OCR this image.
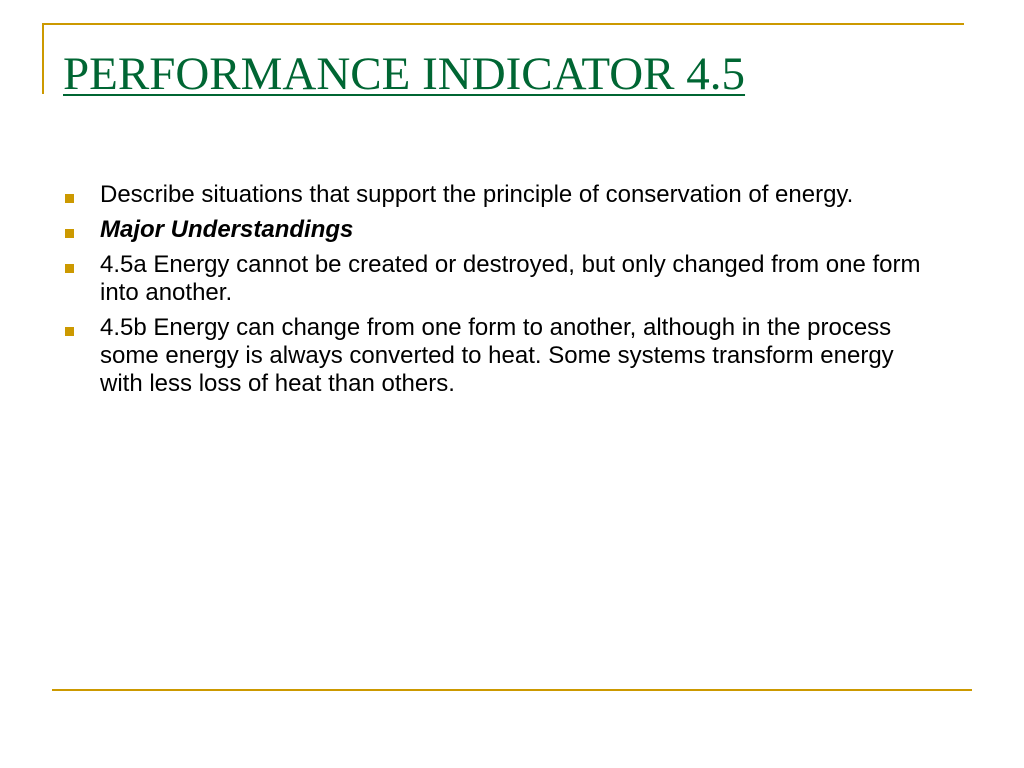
PERFORMANCE INDICATOR 4.5
Describe situations that support the principle of conservation of energy.
Major Understandings
4.5a Energy cannot be created or destroyed, but only changed from one form into another.
4.5b Energy can change from one form to another, although in the process some energy is always converted to heat. Some systems transform energy with less loss of heat than others.
